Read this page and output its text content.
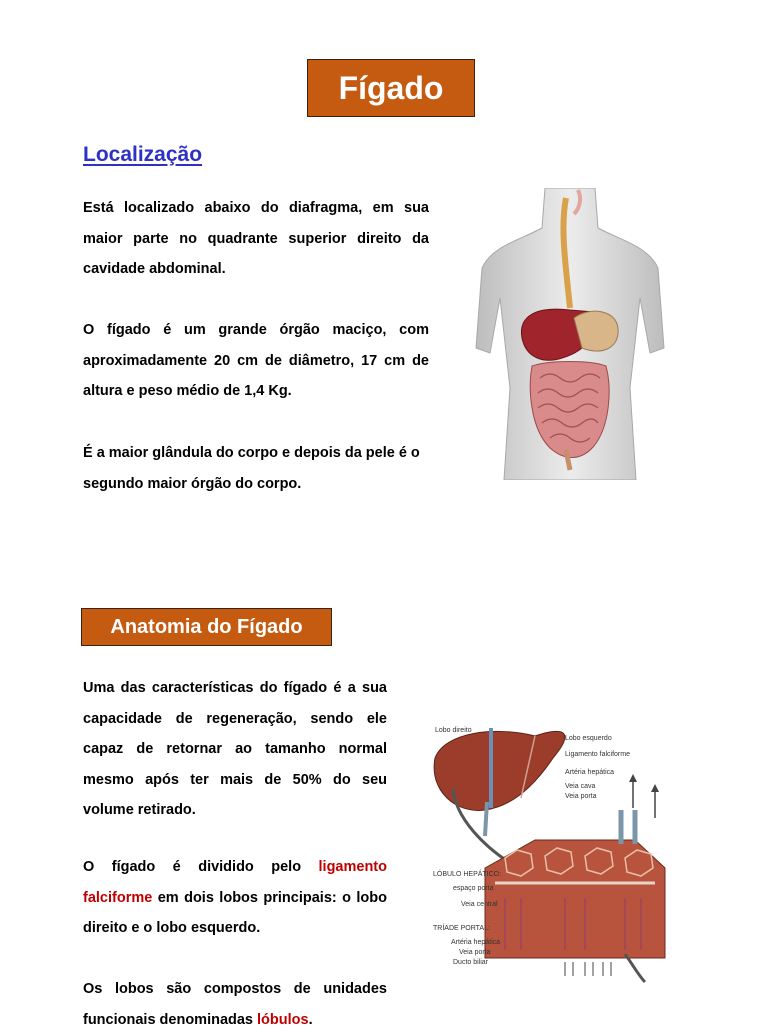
Fígado
Localização

Está localizado abaixo do diafragma, em sua maior parte no quadrante superior direito da cavidade abdominal.

O fígado é um grande órgão maciço, com aproximadamente 20 cm de diâmetro, 17 cm de altura e peso médio de 1,4 Kg.

É a maior glândula do corpo e depois da pele é o segundo maior órgão do corpo.

Anatomia do Fígado

Uma das características do fígado é a sua capacidade de regeneração, sendo ele capaz de retornar ao tamanho normal mesmo após ter mais de 50% do seu volume retirado.

O fígado é dividido pelo ligamento falciforme em dois lobos principais: o lobo direito e o lobo esquerdo.

Os lobos são compostos de unidades funcionais denominadas lóbulos.

Lobo direito
Lobo esquerdo
Ligamento falciforme
Artéria hepática
Veia cava
Veia porta
LÓBULO HEPÁTICO:
espaço porta
Veia central
TRÍADE PORTAL:
Artéria hepática
Veia porta
Ducto biliar
